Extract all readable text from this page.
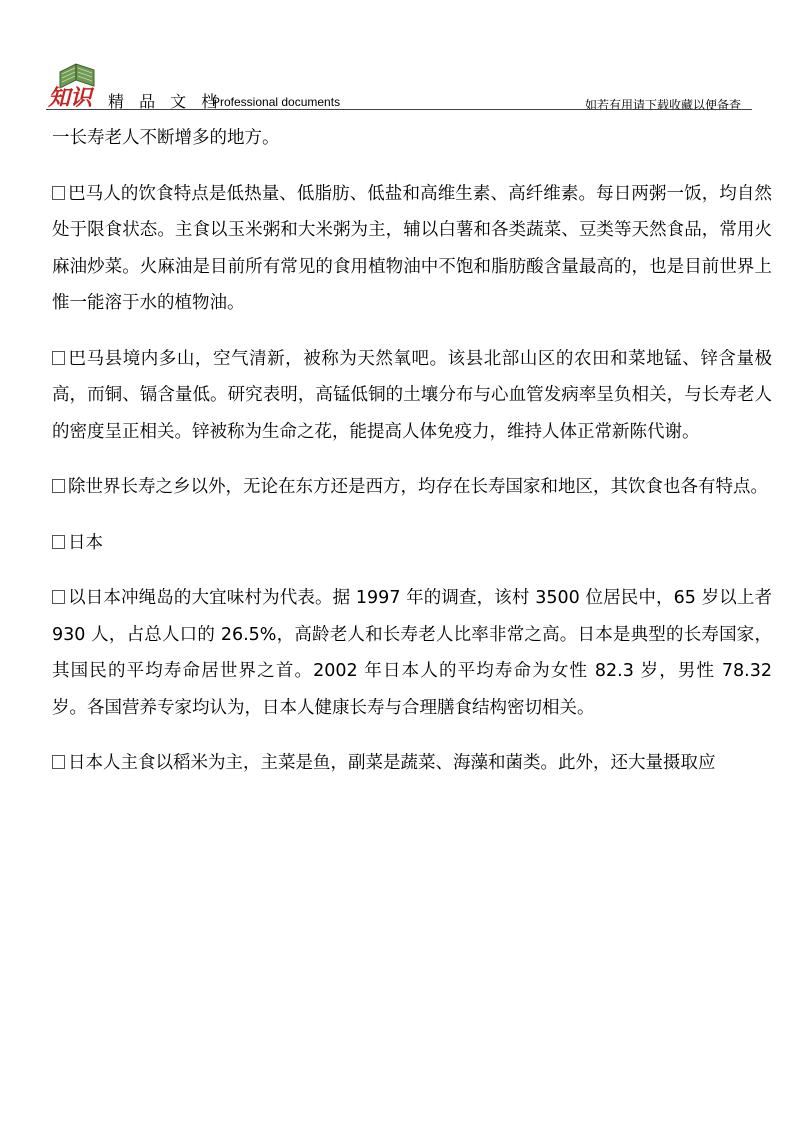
知识 精 品 文 档
Professional documents	如若有用请下载收藏以便备查

一长寿老人不断增多的地方。

巴马人的饮食特点是低热量、低脂肪、低盐和高维生素、高纤维素。每日两粥一饭，均自然处于限食状态。主食以玉米粥和大米粥为主，辅以白薯和各类蔬菜、豆类等天然食品，常用火麻油炒菜。火麻油是目前所有常见的食用植物油中不饱和脂肪酸含量最高的，也是目前世界上惟一能溶于水的植物油。

巴马县境内多山，空气清新，被称为天然氧吧。该县北部山区的农田和菜地锰、锌含量极高，而铜、镉含量低。研究表明，高锰低铜的土壤分布与心血管发病率呈负相关，与长寿老人的密度呈正相关。锌被称为生命之花，能提高人体免疫力，维持人体正常新陈代谢。

除世界长寿之乡以外，无论在东方还是西方，均存在长寿国家和地区，其饮食也各有特点。

日本

以日本冲绳岛的大宜味村为代表。据 1997 年的调查，该村 3500 位居民中，65 岁以上者 930 人，占总人口的 26.5%，高龄老人和长寿老人比率非常之高。日本是典型的长寿国家，其国民的平均寿命居世界之首。2002 年日本人的平均寿命为女性 82.3 岁，男性 78.32 岁。各国营养专家均认为，日本人健康长寿与合理膳食结构密切相关。

日本人主食以稻米为主，主菜是鱼，副菜是蔬菜、海藻和菌类。此外，还大量摄取应
